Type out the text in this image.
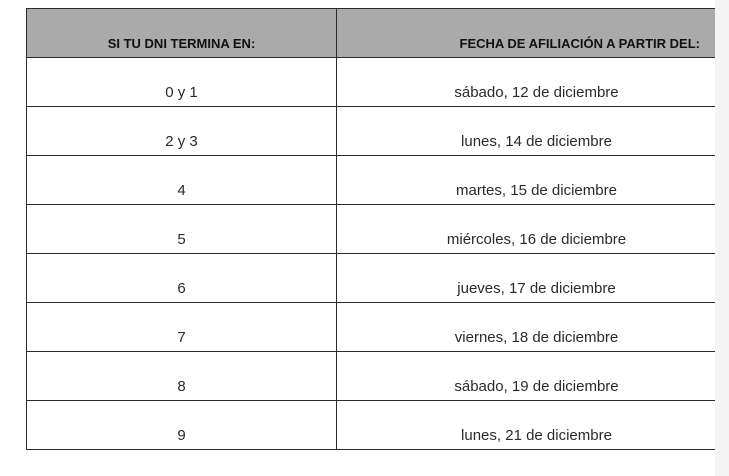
SI TU DNI TERMINA EN:	FECHA DE AFILIACIÓN A PARTIR DEL:
0 y 1	sábado, 12 de diciembre
2 y 3	lunes, 14 de diciembre
4	martes, 15 de diciembre
5	miércoles, 16 de diciembre
6	jueves, 17 de diciembre
7	viernes, 18 de diciembre
8	sábado, 19 de diciembre
9	lunes, 21 de diciembre
